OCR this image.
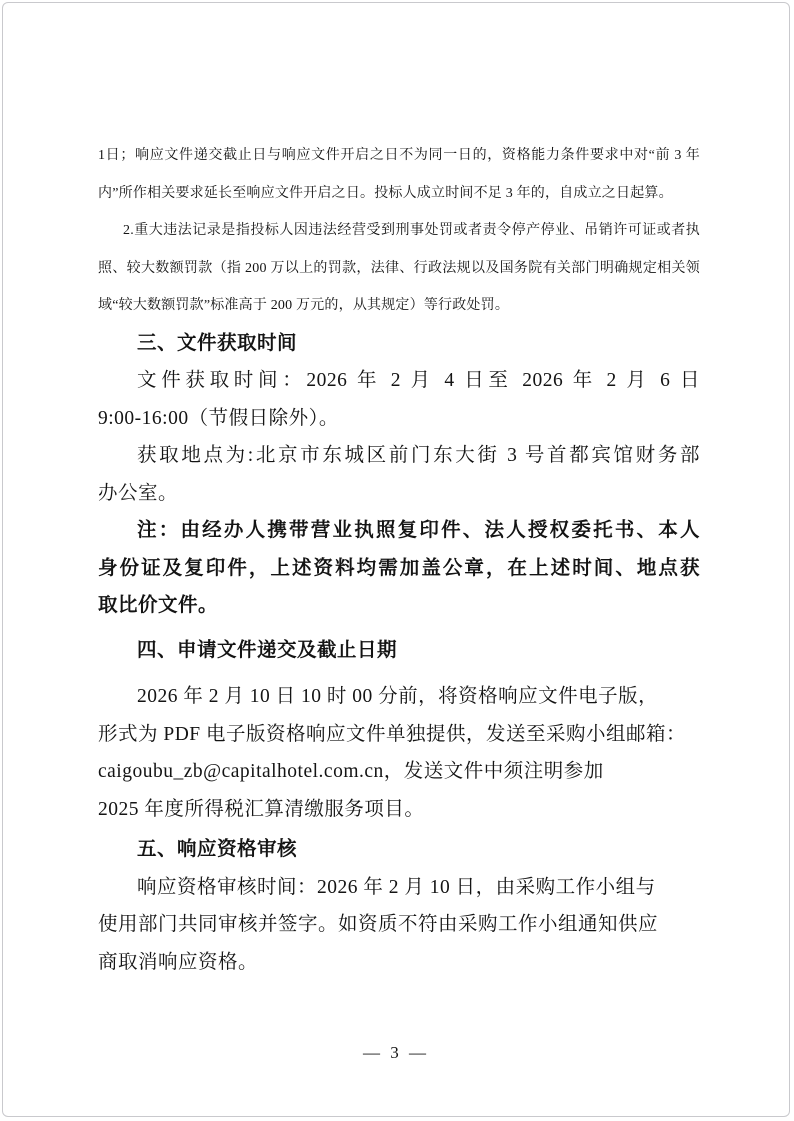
1日；响应文件递交截止日与响应文件开启之日不为同一日的，资格能力条件要求中对“前 3 年
内”所作相关要求延长至响应文件开启之日。投标人成立时间不足 3 年的，自成立之日起算。
2.重大违法记录是指投标人因违法经营受到刑事处罚或者责令停产停业、吊销许可证或者执
照、较大数额罚款（指 200 万以上的罚款，法律、行政法规以及国务院有关部门明确规定相关领
域“较大数额罚款”标准高于 200 万元的，从其规定）等行政处罚。
三、文件获取时间
文件获取时间：2026 年 2 月 4 日至 2026 年 2 月 6 日
9:00-16:00（节假日除外）。
获取地点为:北京市东城区前门东大街 3 号首都宾馆财务部
办公室。
注：由经办人携带营业执照复印件、法人授权委托书、本人
身份证及复印件，上述资料均需加盖公章，在上述时间、地点获
取比价文件。
四、申请文件递交及截止日期
2026 年 2 月 10 日 10 时 00 分前，将资格响应文件电子版，
形式为 PDF 电子版资格响应文件单独提供，发送至采购小组邮箱：
caigoubu_zb@capitalhotel.com.cn，发送文件中须注明参加
2025 年度所得税汇算清缴服务项目。
五、响应资格审核
响应资格审核时间：2026 年 2 月 10 日，由采购工作小组与
使用部门共同审核并签字。如资质不符由采购工作小组通知供应
商取消响应资格。
— 3 —
